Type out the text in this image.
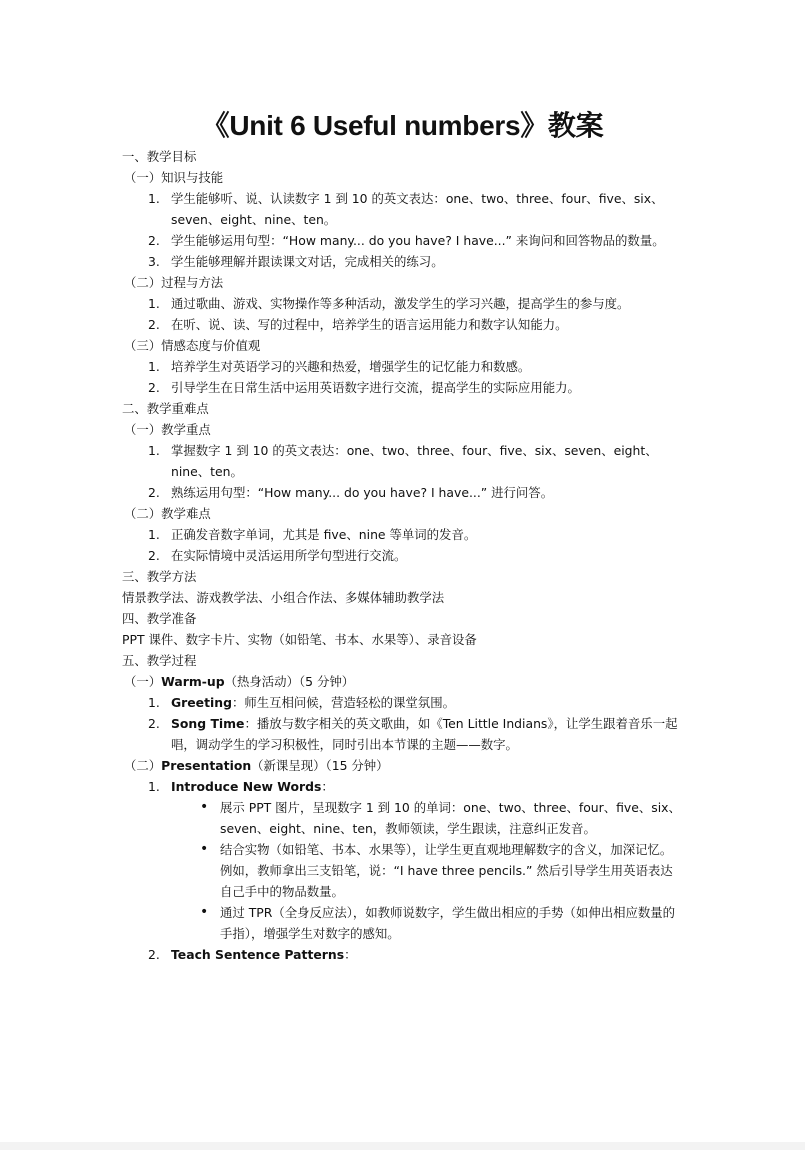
《Unit 6 Useful numbers》教案

一、教学目标

（一）知识与技能

1. 学生能够听、说、认读数字 1 到 10 的英文表达：one、two、three、four、five、six、seven、eight、nine、ten。

2. 学生能够运用句型：“How many... do you have? I have...” 来询问和回答物品的数量。

3. 学生能够理解并跟读课文对话，完成相关的练习。

（二）过程与方法

1. 通过歌曲、游戏、实物操作等多种活动，激发学生的学习兴趣，提高学生的参与度。

2. 在听、说、读、写的过程中，培养学生的语言运用能力和数字认知能力。

（三）情感态度与价值观

1. 培养学生对英语学习的兴趣和热爱，增强学生的记忆能力和数感。

2. 引导学生在日常生活中运用英语数字进行交流，提高学生的实际应用能力。

二、教学重难点

（一）教学重点

1. 掌握数字 1 到 10 的英文表达：one、two、three、four、five、six、seven、eight、nine、ten。

2. 熟练运用句型：“How many... do you have? I have...” 进行问答。

（二）教学难点

1. 正确发音数字单词，尤其是 five、nine 等单词的发音。

2. 在实际情境中灵活运用所学句型进行交流。

三、教学方法

情景教学法、游戏教学法、小组合作法、多媒体辅助教学法

四、教学准备

PPT 课件、数字卡片、实物（如铅笔、书本、水果等）、录音设备

五、教学过程

（一）Warm-up（热身活动）（5 分钟）

1. Greeting：师生互相问候，营造轻松的课堂氛围。

2. Song Time：播放与数字相关的英文歌曲，如《Ten Little Indians》，让学生跟着音乐一起唱，调动学生的学习积极性，同时引出本节课的主题——数字。

（二）Presentation（新课呈现）（15 分钟）

1. Introduce New Words：

• 展示 PPT 图片，呈现数字 1 到 10 的单词：one、two、three、four、five、six、seven、eight、nine、ten，教师领读，学生跟读，注意纠正发音。

• 结合实物（如铅笔、书本、水果等），让学生更直观地理解数字的含义，加深记忆。例如，教师拿出三支铅笔，说：“I have three pencils.” 然后引导学生用英语表达自己手中的物品数量。

• 通过 TPR（全身反应法），如教师说数字，学生做出相应的手势（如伸出相应数量的手指），增强学生对数字的感知。

2. Teach Sentence Patterns：
